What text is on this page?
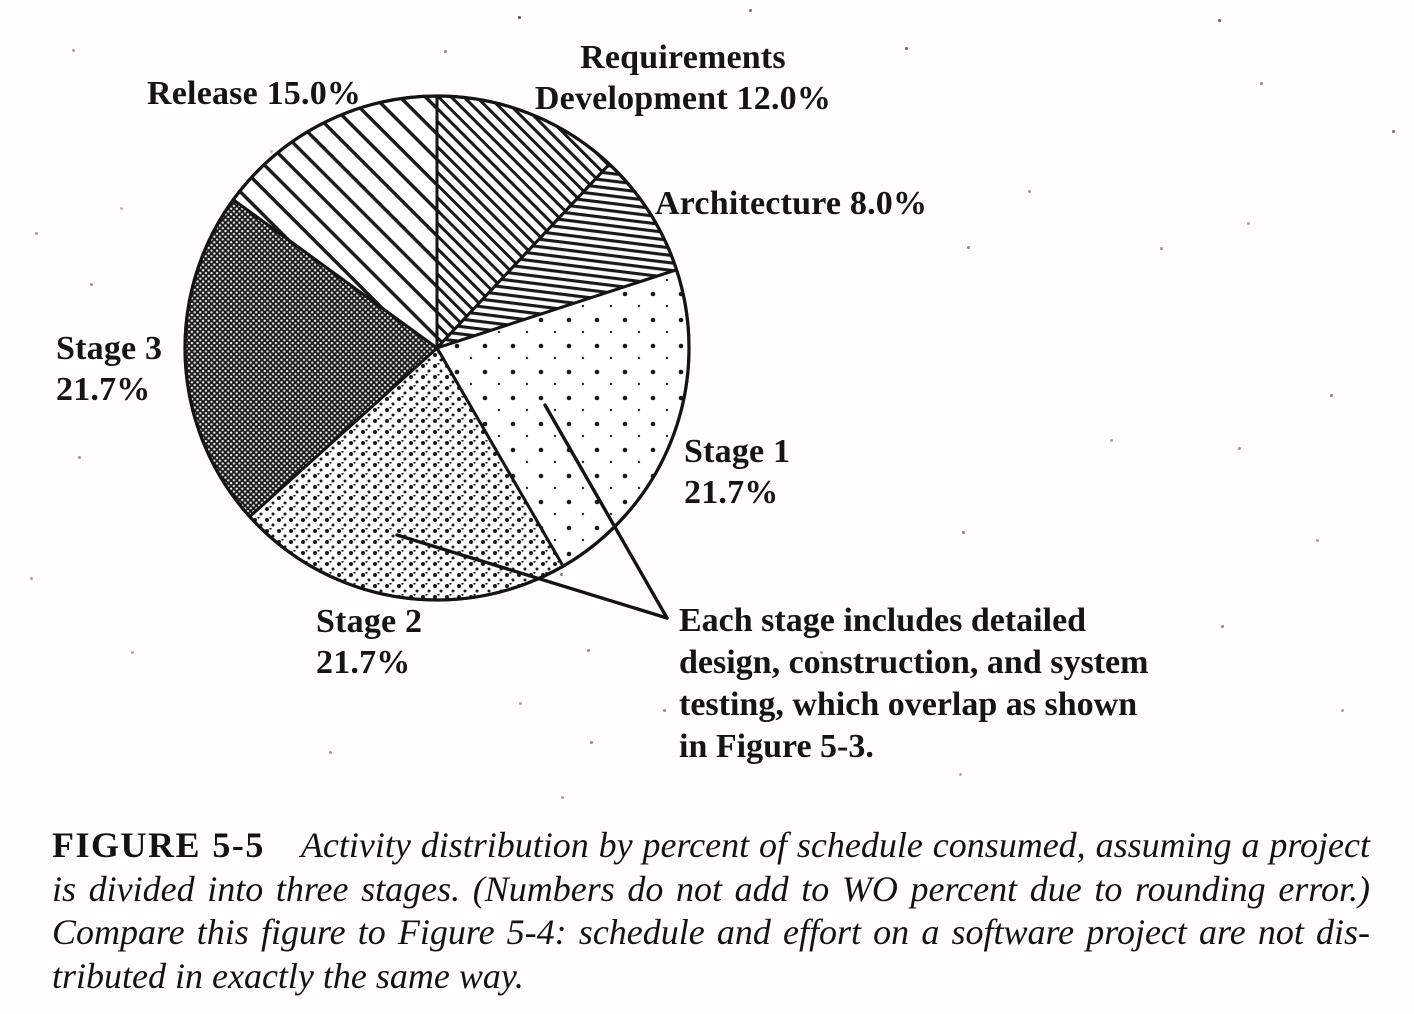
Requirements
Development 12.0%
Release 15.0%
Architecture 8.0%
Stage 1
21.7%
Stage 3
21.7%
Stage 2
21.7%
Each stage includes detailed
design, construction, and system
testing, which overlap as shown
in Figure 5-3.
FIGURE 5-5 Activity distribution by percent of schedule consumed, assuming a project
is divided into three stages. (Numbers do not add to WO percent due to rounding error.)
Compare this figure to Figure 5-4: schedule and effort on a software project are not dis-
tributed in exactly the same way.
